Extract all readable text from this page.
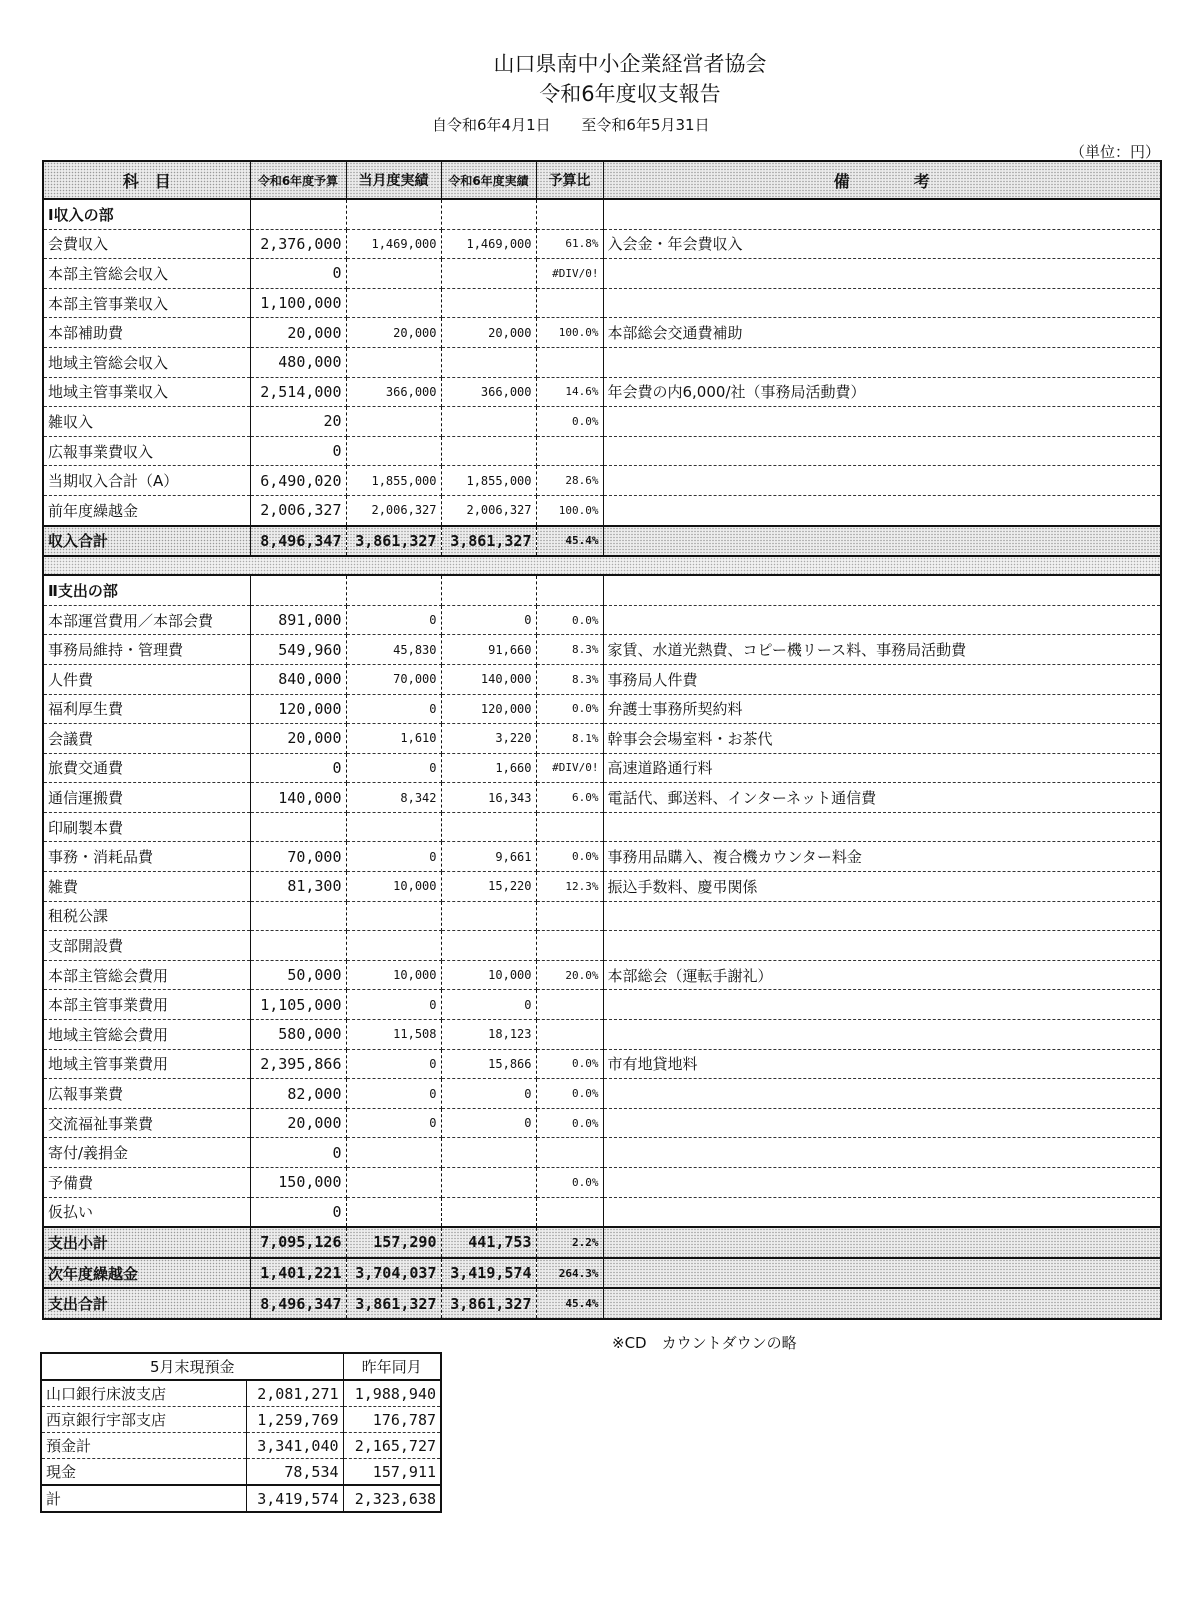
山口県南中小企業経営者協会
令和6年度収支報告
自令和6年4月1日 至令和6年5月31日
（単位：円）
科　目	令和6年度予算	当月度実績	令和6年度実績	予算比	備　　　　考
Ⅰ収入の部					
会費収入	2,376,000	1,469,000	1,469,000	61.8%	入会金・年会費収入
本部主管総会収入	0			#DIV/0!	
本部主管事業収入	1,100,000				
本部補助費	20,000	20,000	20,000	100.0%	本部総会交通費補助
地域主管総会収入	480,000				
地域主管事業収入	2,514,000	366,000	366,000	14.6%	年会費の内6,000/社（事務局活動費）
雑収入	20			0.0%	
広報事業費収入	0				
当期収入合計（A）	6,490,020	1,855,000	1,855,000	28.6%	
前年度繰越金	2,006,327	2,006,327	2,006,327	100.0%	
収入合計	8,496,347	3,861,327	3,861,327	45.4%	

Ⅱ支出の部					
本部運営費用／本部会費	891,000	0	0	0.0%	
事務局維持・管理費	549,960	45,830	91,660	8.3%	家賃、水道光熱費、コピー機リース料、事務局活動費
人件費	840,000	70,000	140,000	8.3%	事務局人件費
福利厚生費	120,000	0	120,000	0.0%	弁護士事務所契約料
会議費	20,000	1,610	3,220	8.1%	幹事会会場室料・お茶代
旅費交通費	0	0	1,660	#DIV/0!	高速道路通行料
通信運搬費	140,000	8,342	16,343	6.0%	電話代、郵送料、インターネット通信費
印刷製本費					
事務・消耗品費	70,000	0	9,661	0.0%	事務用品購入、複合機カウンター料金
雑費	81,300	10,000	15,220	12.3%	振込手数料、慶弔関係
租税公課					
支部開設費					
本部主管総会費用	50,000	10,000	10,000	20.0%	本部総会（運転手謝礼）
本部主管事業費用	1,105,000	0	0		
地域主管総会費用	580,000	11,508	18,123		
地域主管事業費用	2,395,866	0	15,866	0.0%	市有地貸地料
広報事業費	82,000	0	0	0.0%	
交流福祉事業費	20,000	0	0	0.0%	
寄付/義捐金	0				
予備費	150,000			0.0%	
仮払い	0				
支出小計	7,095,126	157,290	441,753	2.2%	
次年度繰越金	1,401,221	3,704,037	3,419,574	264.3%	
支出合計	8,496,347	3,861,327	3,861,327	45.4%	
※CD　カウントダウンの略
5月末現預金		昨年同月
山口銀行床波支店	2,081,271	1,988,940
西京銀行宇部支店	1,259,769	176,787
預金計	3,341,040	2,165,727
現金	78,534	157,911
計	3,419,574	2,323,638
